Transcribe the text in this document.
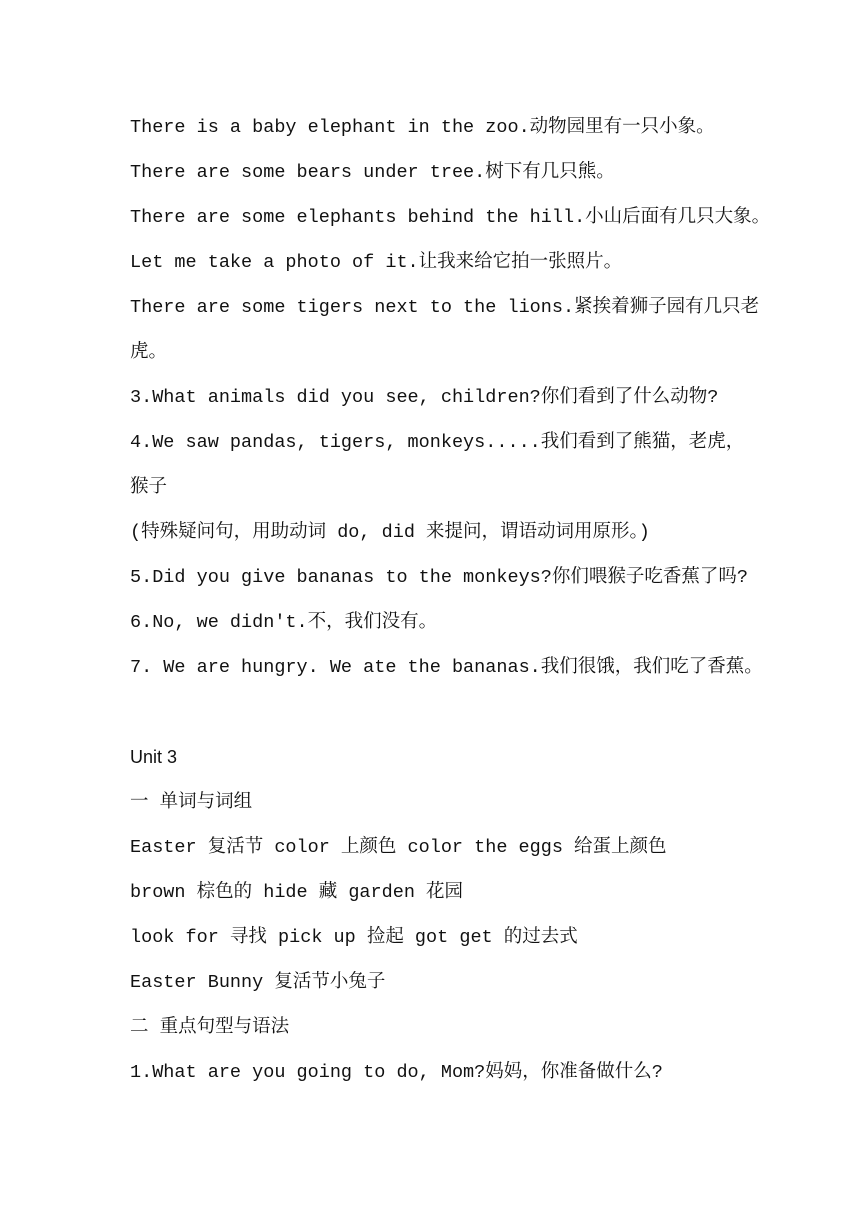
There is a baby elephant in the zoo.动物园里有一只小象。
There are some bears under tree.树下有几只熊。
There are some elephants behind the hill.小山后面有几只大象。
Let me take a photo of it.让我来给它拍一张照片。
There are some tigers next to the lions.紧挨着狮子园有几只老
虎。
3.What animals did you see, children?你们看到了什么动物?
4.We saw pandas, tigers, monkeys.....我们看到了熊猫，老虎，
猴子
(特殊疑问句，用助动词 do, did 来提问，谓语动词用原形。)
5.Did you give bananas to the monkeys?你们喂猴子吃香蕉了吗?
6.No, we didn't.不，我们没有。
7. We are hungry. We ate the bananas.我们很饿，我们吃了香蕉。
Unit 3
一 单词与词组
Easter 复活节 color 上颜色 color the eggs 给蛋上颜色
brown 棕色的 hide 藏 garden 花园
look for 寻找 pick up 捡起 got get 的过去式
Easter Bunny 复活节小兔子
二 重点句型与语法
1.What are you going to do, Mom?妈妈，你准备做什么?
